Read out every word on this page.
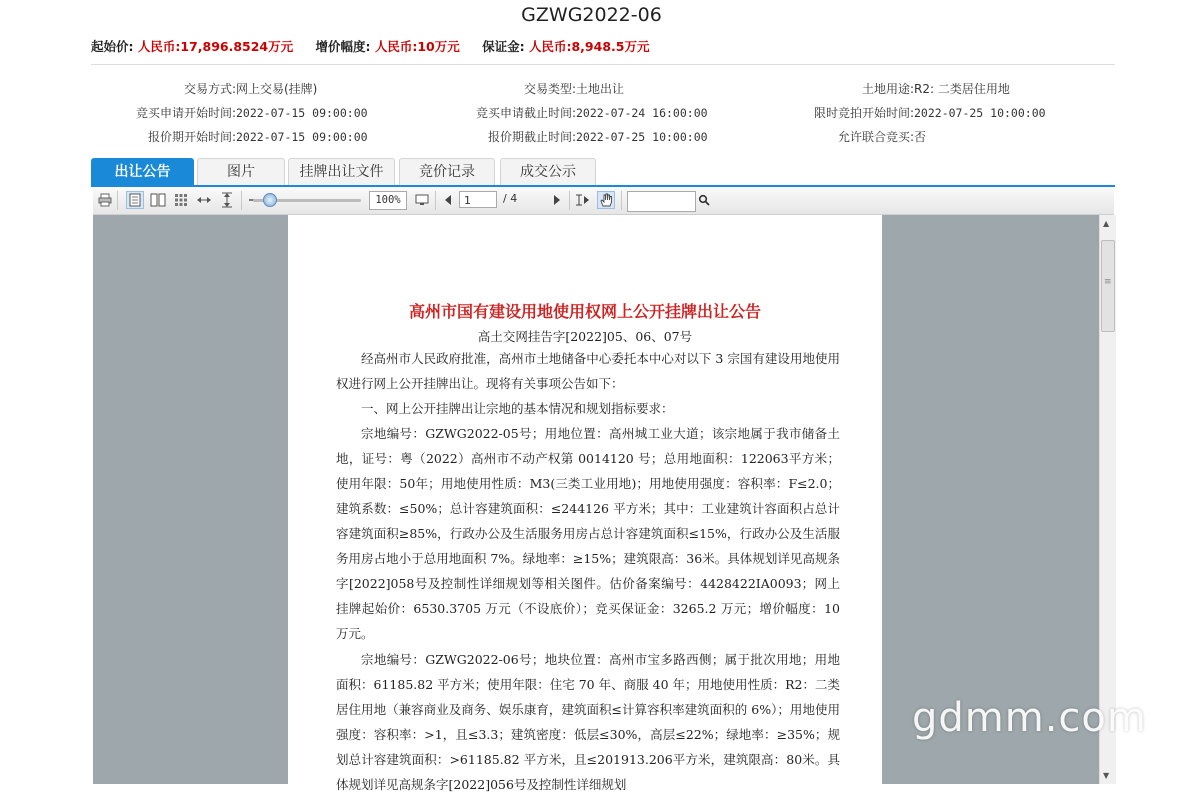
GZWG2022-06
起始价: 人民币:17,896.8524万元 增价幅度: 人民币:10万元 保证金: 人民币:8,948.5万元
交易方式:网上交易(挂牌)	交易类型:土地出让	土地用途:R2: 二类居住用地
竞买申请开始时间:2022-07-15 09:00:00	竞买申请截止时间:2022-07-24 16:00:00	限时竞拍开始时间:2022-07-25 10:00:00
报价期开始时间:2022-07-15 09:00:00	报价期截止时间:2022-07-25 10:00:00	允许联合竞买:否
出让公告	图片	挂牌出让文件	竞价记录	成交公示
100%	1	/ 4
高州市国有建设用地使用权网上公开挂牌出让公告
高土交网挂告字[2022]05、06、07号
经高州市人民政府批准，高州市土地储备中心委托本中心对以下 3 宗国有建设用地使用权进行网上公开挂牌出让。现将有关事项公告如下：
一、网上公开挂牌出让宗地的基本情况和规划指标要求：
宗地编号：GZWG2022-05号；用地位置：高州城工业大道；该宗地属于我市储备土地，证号：粤（2022）高州市不动产权第 0014120 号；总用地面积：122063平方米；使用年限：50年；用地使用性质：M3(三类工业用地)；用地使用强度：容积率：F≤2.0；建筑系数：≤50%；总计容建筑面积：≤244126 平方米；其中：工业建筑计容面积占总计容建筑面积≥85%，行政办公及生活服务用房占总计容建筑面积≤15%，行政办公及生活服务用房占地小于总用地面积 7%。绿地率：≥15%；建筑限高：36米。具体规划详见高规条字[2022]058号及控制性详细规划等相关图件。估价备案编号：4428422IA0093；网上挂牌起始价：6530.3705 万元（不设底价）；竞买保证金：3265.2 万元；增价幅度：10 万元。
宗地编号：GZWG2022-06号；地块位置：高州市宝多路西侧；属于批次用地；用地面积：61185.82 平方米；使用年限：住宅 70 年、商服 40 年；用地使用性质：R2：二类居住用地（兼容商业及商务、娱乐康育，建筑面积≤计算容积率建筑面积的 6%）；用地使用强度：容积率：>1，且≤3.3；建筑密度：低层≤30%，高层≤22%；绿地率：≥35%；规划总计容建筑面积：>61185.82 平方米，且≤201913.206平方米，建筑限高：80米。具体规划详见高规条字[2022]056号及控制性详细规划
▲
≡
▼
gdmm.com
